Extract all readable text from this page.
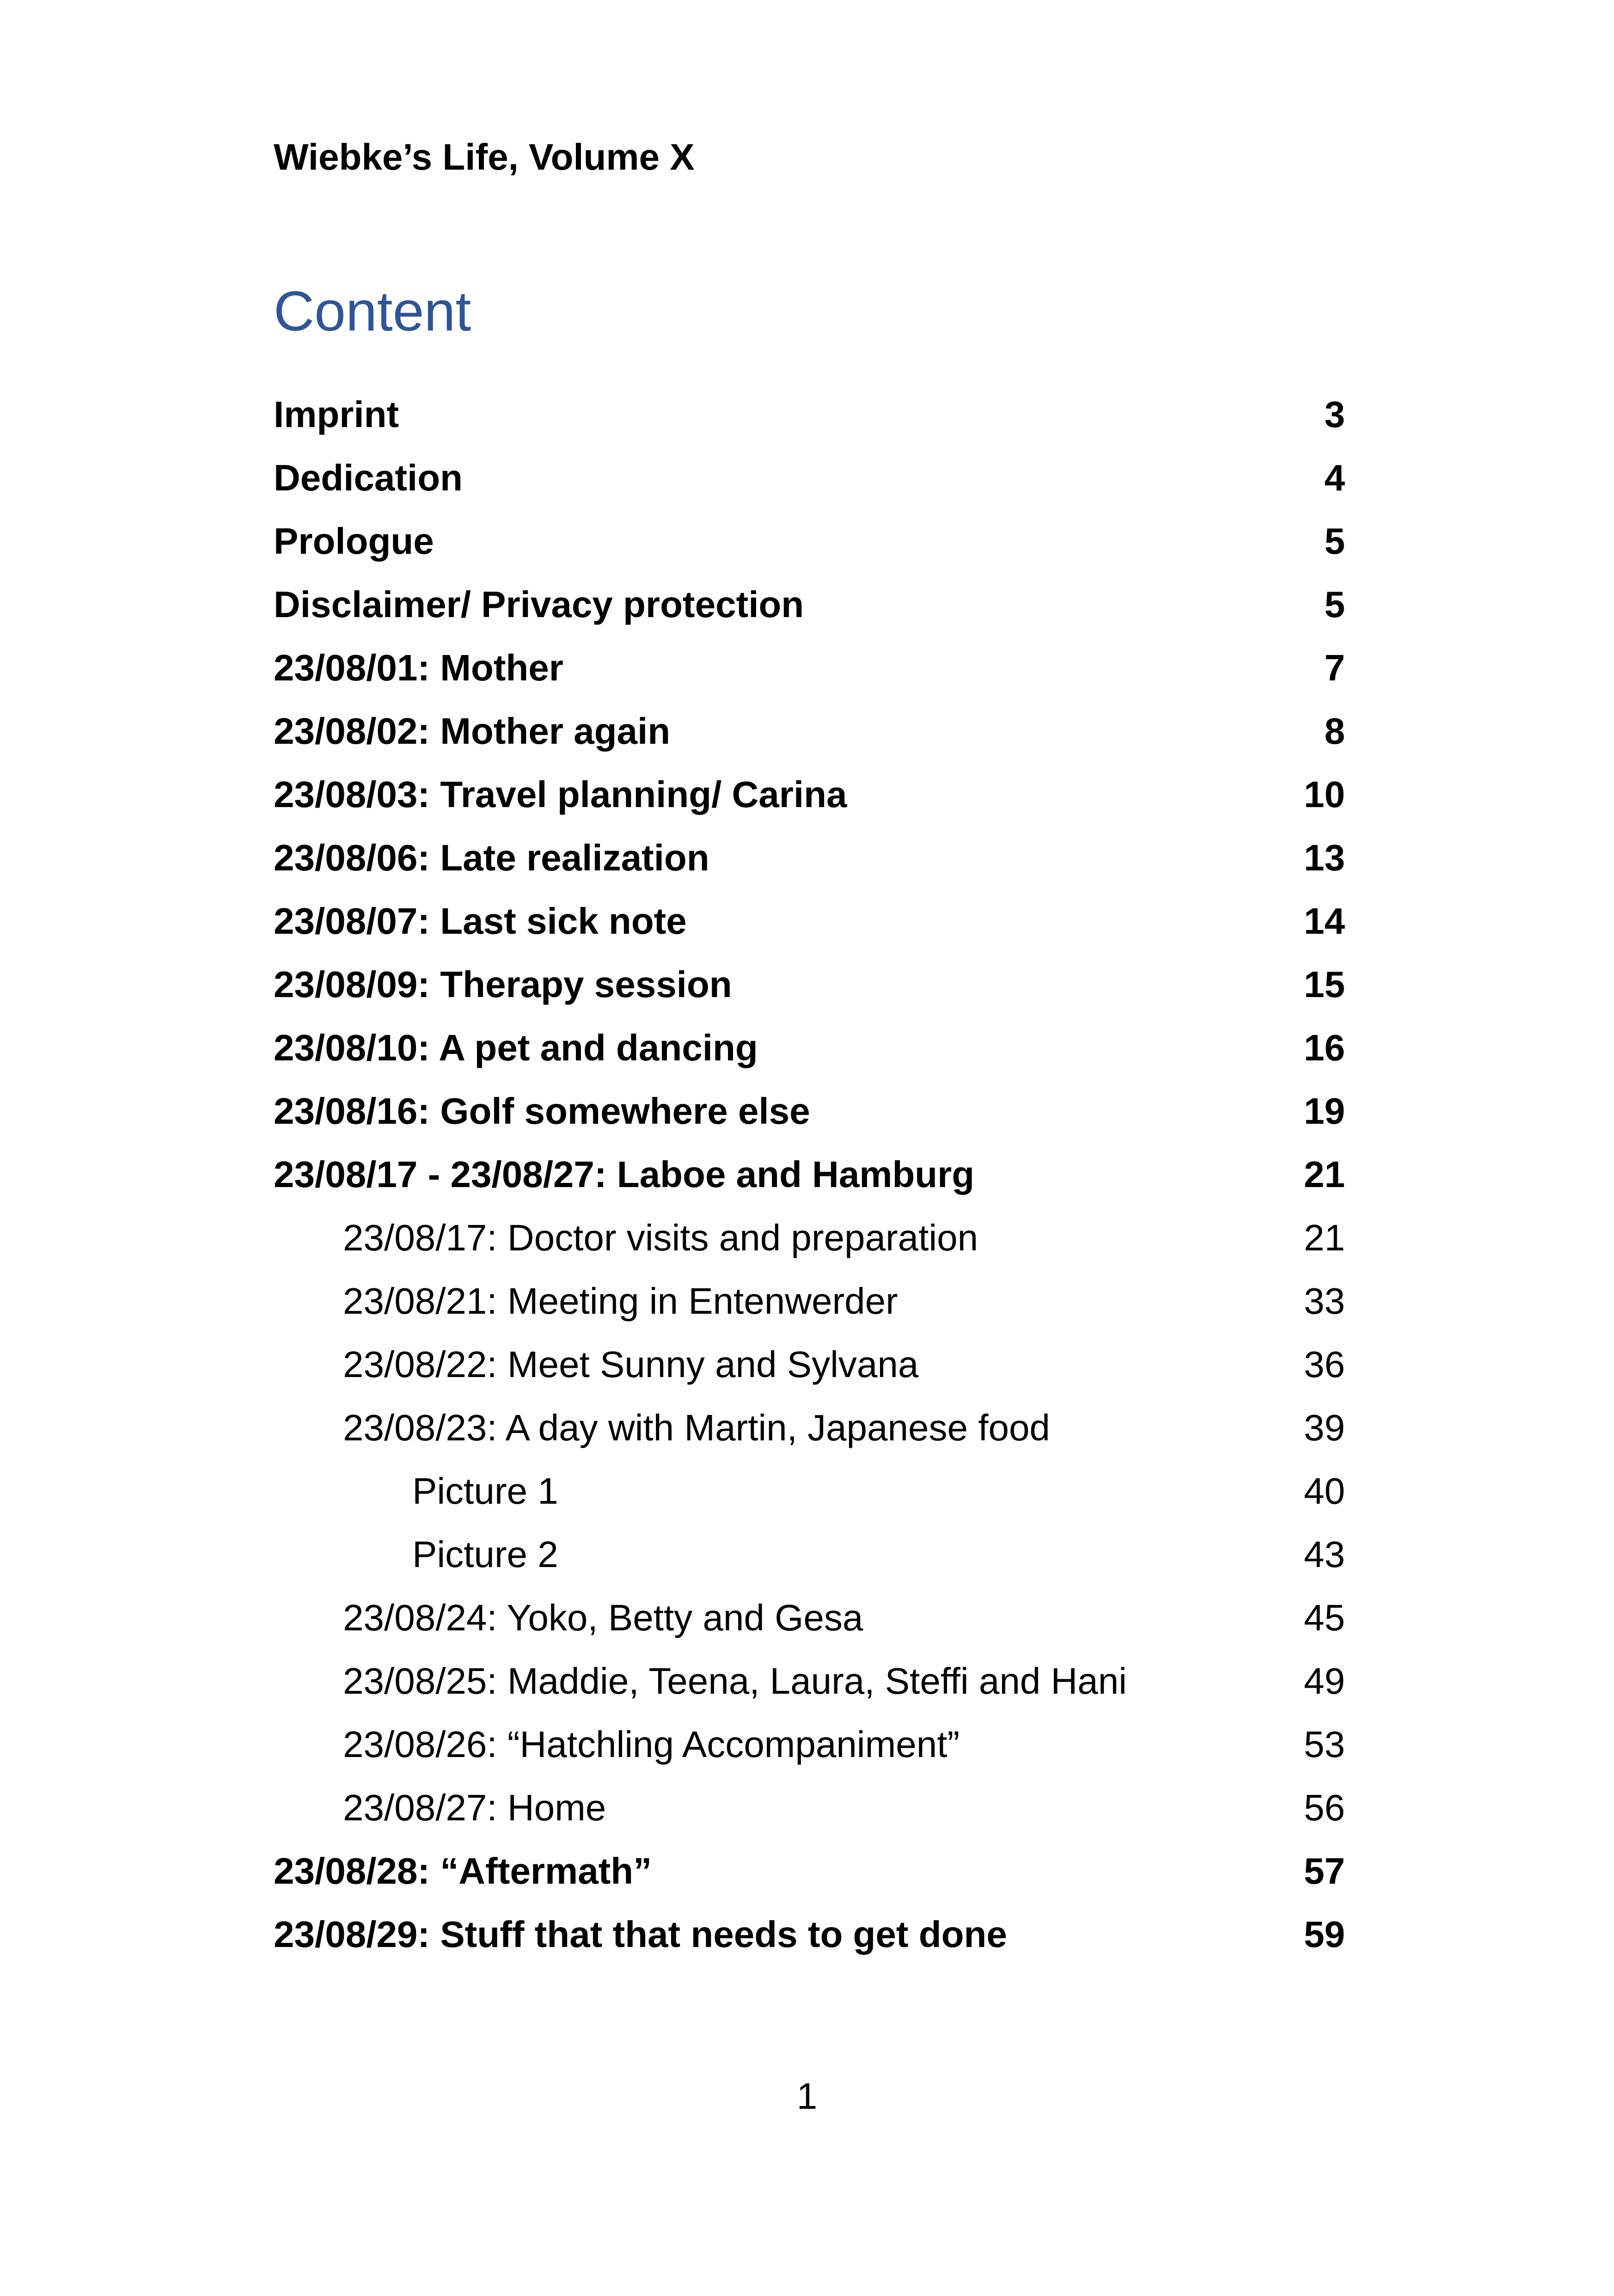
Wiebke’s Life, Volume X
Content
Imprint	3
Dedication	4
Prologue	5
Disclaimer/ Privacy protection	5
23/08/01: Mother	7
23/08/02: Mother again	8
23/08/03: Travel planning/ Carina	10
23/08/06: Late realization	13
23/08/07: Last sick note	14
23/08/09: Therapy session	15
23/08/10: A pet and dancing	16
23/08/16: Golf somewhere else	19
23/08/17 - 23/08/27: Laboe and Hamburg	21
23/08/17: Doctor visits and preparation	21
23/08/21: Meeting in Entenwerder	33
23/08/22: Meet Sunny and Sylvana	36
23/08/23: A day with Martin, Japanese food	39
Picture 1	40
Picture 2	43
23/08/24: Yoko, Betty and Gesa	45
23/08/25: Maddie, Teena, Laura, Steffi and Hani	49
23/08/26: “Hatchling Accompaniment”	53
23/08/27: Home	56
23/08/28: “Aftermath”	57
23/08/29: Stuff that that needs to get done	59
1
